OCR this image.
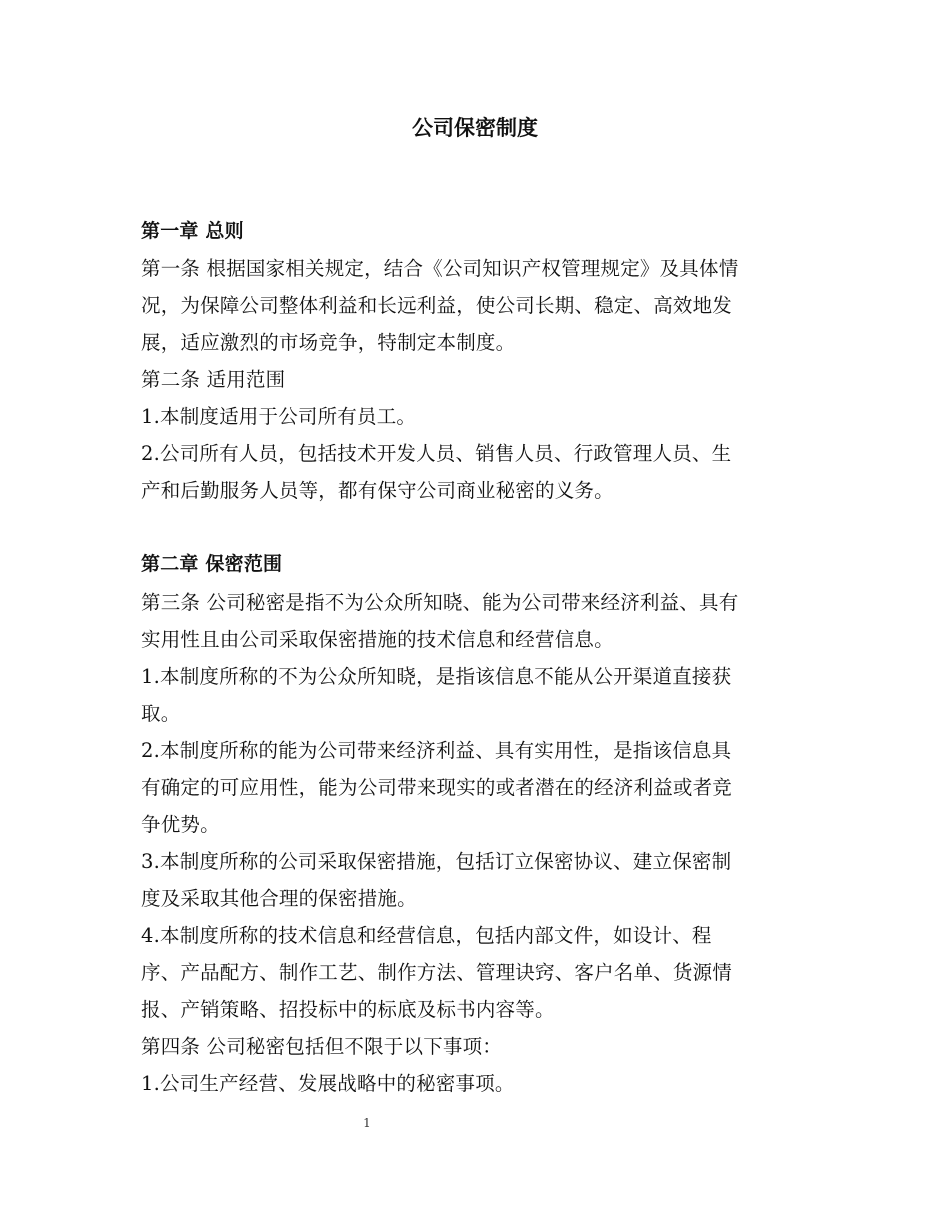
公司保密制度
第一章 总则
第一条 根据国家相关规定，结合《公司知识产权管理规定》及具体情
况，为保障公司整体利益和长远利益，使公司长期、稳定、高效地发
展，适应激烈的市场竞争，特制定本制度。
第二条 适用范围
1.本制度适用于公司所有员工。
2.公司所有人员，包括技术开发人员、销售人员、行政管理人员、生
产和后勤服务人员等，都有保守公司商业秘密的义务。
第二章 保密范围
第三条 公司秘密是指不为公众所知晓、能为公司带来经济利益、具有
实用性且由公司采取保密措施的技术信息和经营信息。
1.本制度所称的不为公众所知晓，是指该信息不能从公开渠道直接获
取。
2.本制度所称的能为公司带来经济利益、具有实用性，是指该信息具
有确定的可应用性，能为公司带来现实的或者潜在的经济利益或者竞
争优势。
3.本制度所称的公司采取保密措施，包括订立保密协议、建立保密制
度及采取其他合理的保密措施。
4.本制度所称的技术信息和经营信息，包括内部文件，如设计、程
序、产品配方、制作工艺、制作方法、管理诀窍、客户名单、货源情
报、产销策略、招投标中的标底及标书内容等。
第四条 公司秘密包括但不限于以下事项：
1.公司生产经营、发展战略中的秘密事项。
1
